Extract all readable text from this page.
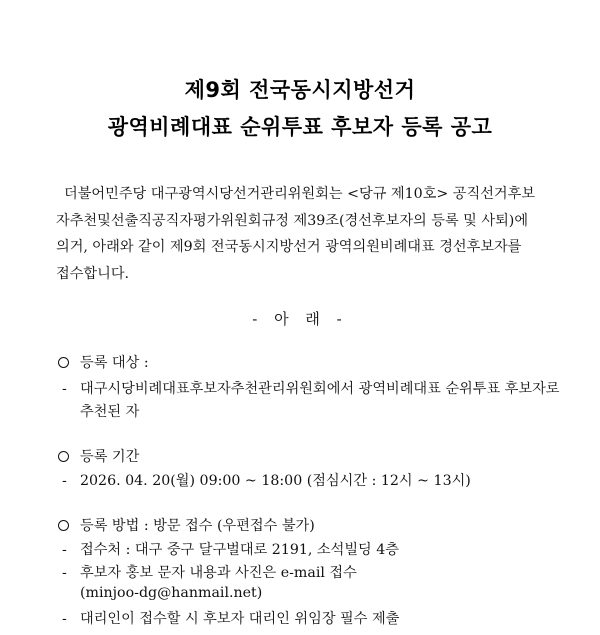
제9회 전국동시지방선거
광역비례대표 순위투표 후보자 등록 공고
더불어민주당 대구광역시당선거관리위원회는 <당규 제10호> 공직선거후보
자추천및선출직공직자평가위원회규정 제39조(경선후보자의 등록 및 사퇴)에
의거, 아래와 같이 제9회 전국동시지방선거 광역의원비례대표 경선후보자를
접수합니다.
- 아 래 -
등록 대상 :
- 대구시당비례대표후보자추천관리위원회에서 광역비례대표 순위투표 후보자로
추천된 자
등록 기간
- 2026. 04. 20(월) 09:00 ~ 18:00 (점심시간 : 12시 ~ 13시)
등록 방법 : 방문 접수 (우편접수 불가)
- 접수처 : 대구 중구 달구벌대로 2191, 소석빌딩 4층
- 후보자 홍보 문자 내용과 사진은 e-mail 접수
(minjoo-dg@hanmail.net)
- 대리인이 접수할 시 후보자 대리인 위임장 필수 제출
